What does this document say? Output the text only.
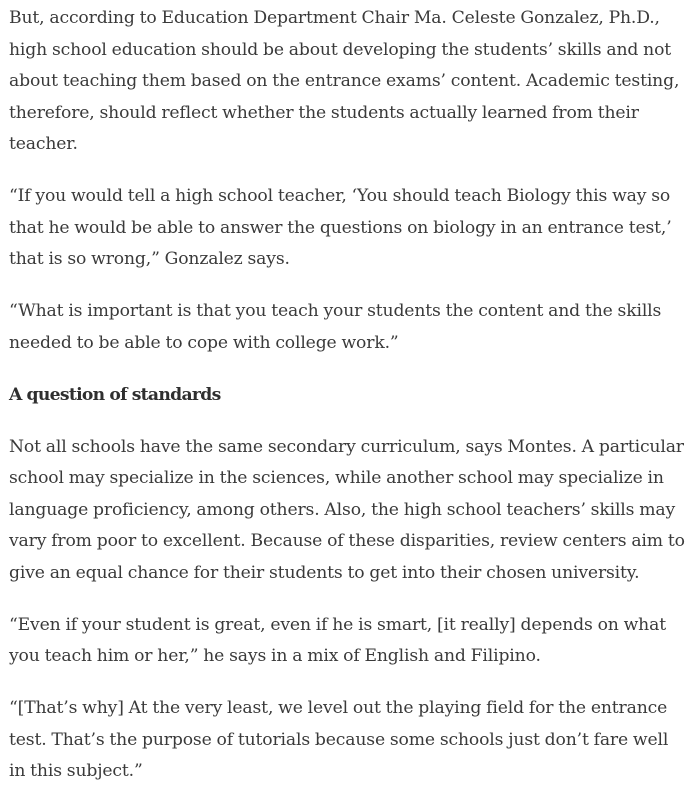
But, according to Education Department Chair Ma. Celeste Gonzalez, Ph.D., high school education should be about developing the students’ skills and not about teaching them based on the entrance exams’ content. Academic testing, therefore, should reflect whether the students actually learned from their teacher.

“If you would tell a high school teacher, ‘You should teach Biology this way so that he would be able to answer the questions on biology in an entrance test,’ that is so wrong,” Gonzalez says.

“What is important is that you teach your students the content and the skills needed to be able to cope with college work.”

A question of standards

Not all schools have the same secondary curriculum, says Montes. A particular school may specialize in the sciences, while another school may specialize in language proficiency, among others. Also, the high school teachers’ skills may vary from poor to excellent. Because of these disparities, review centers aim to give an equal chance for their students to get into their chosen university.

“Even if your student is great, even if he is smart, [it really] depends on what you teach him or her,” he says in a mix of English and Filipino.

“[That’s why] At the very least, we level out the playing field for the entrance test. That’s the purpose of tutorials because some schools just don’t fare well in this subject.”
